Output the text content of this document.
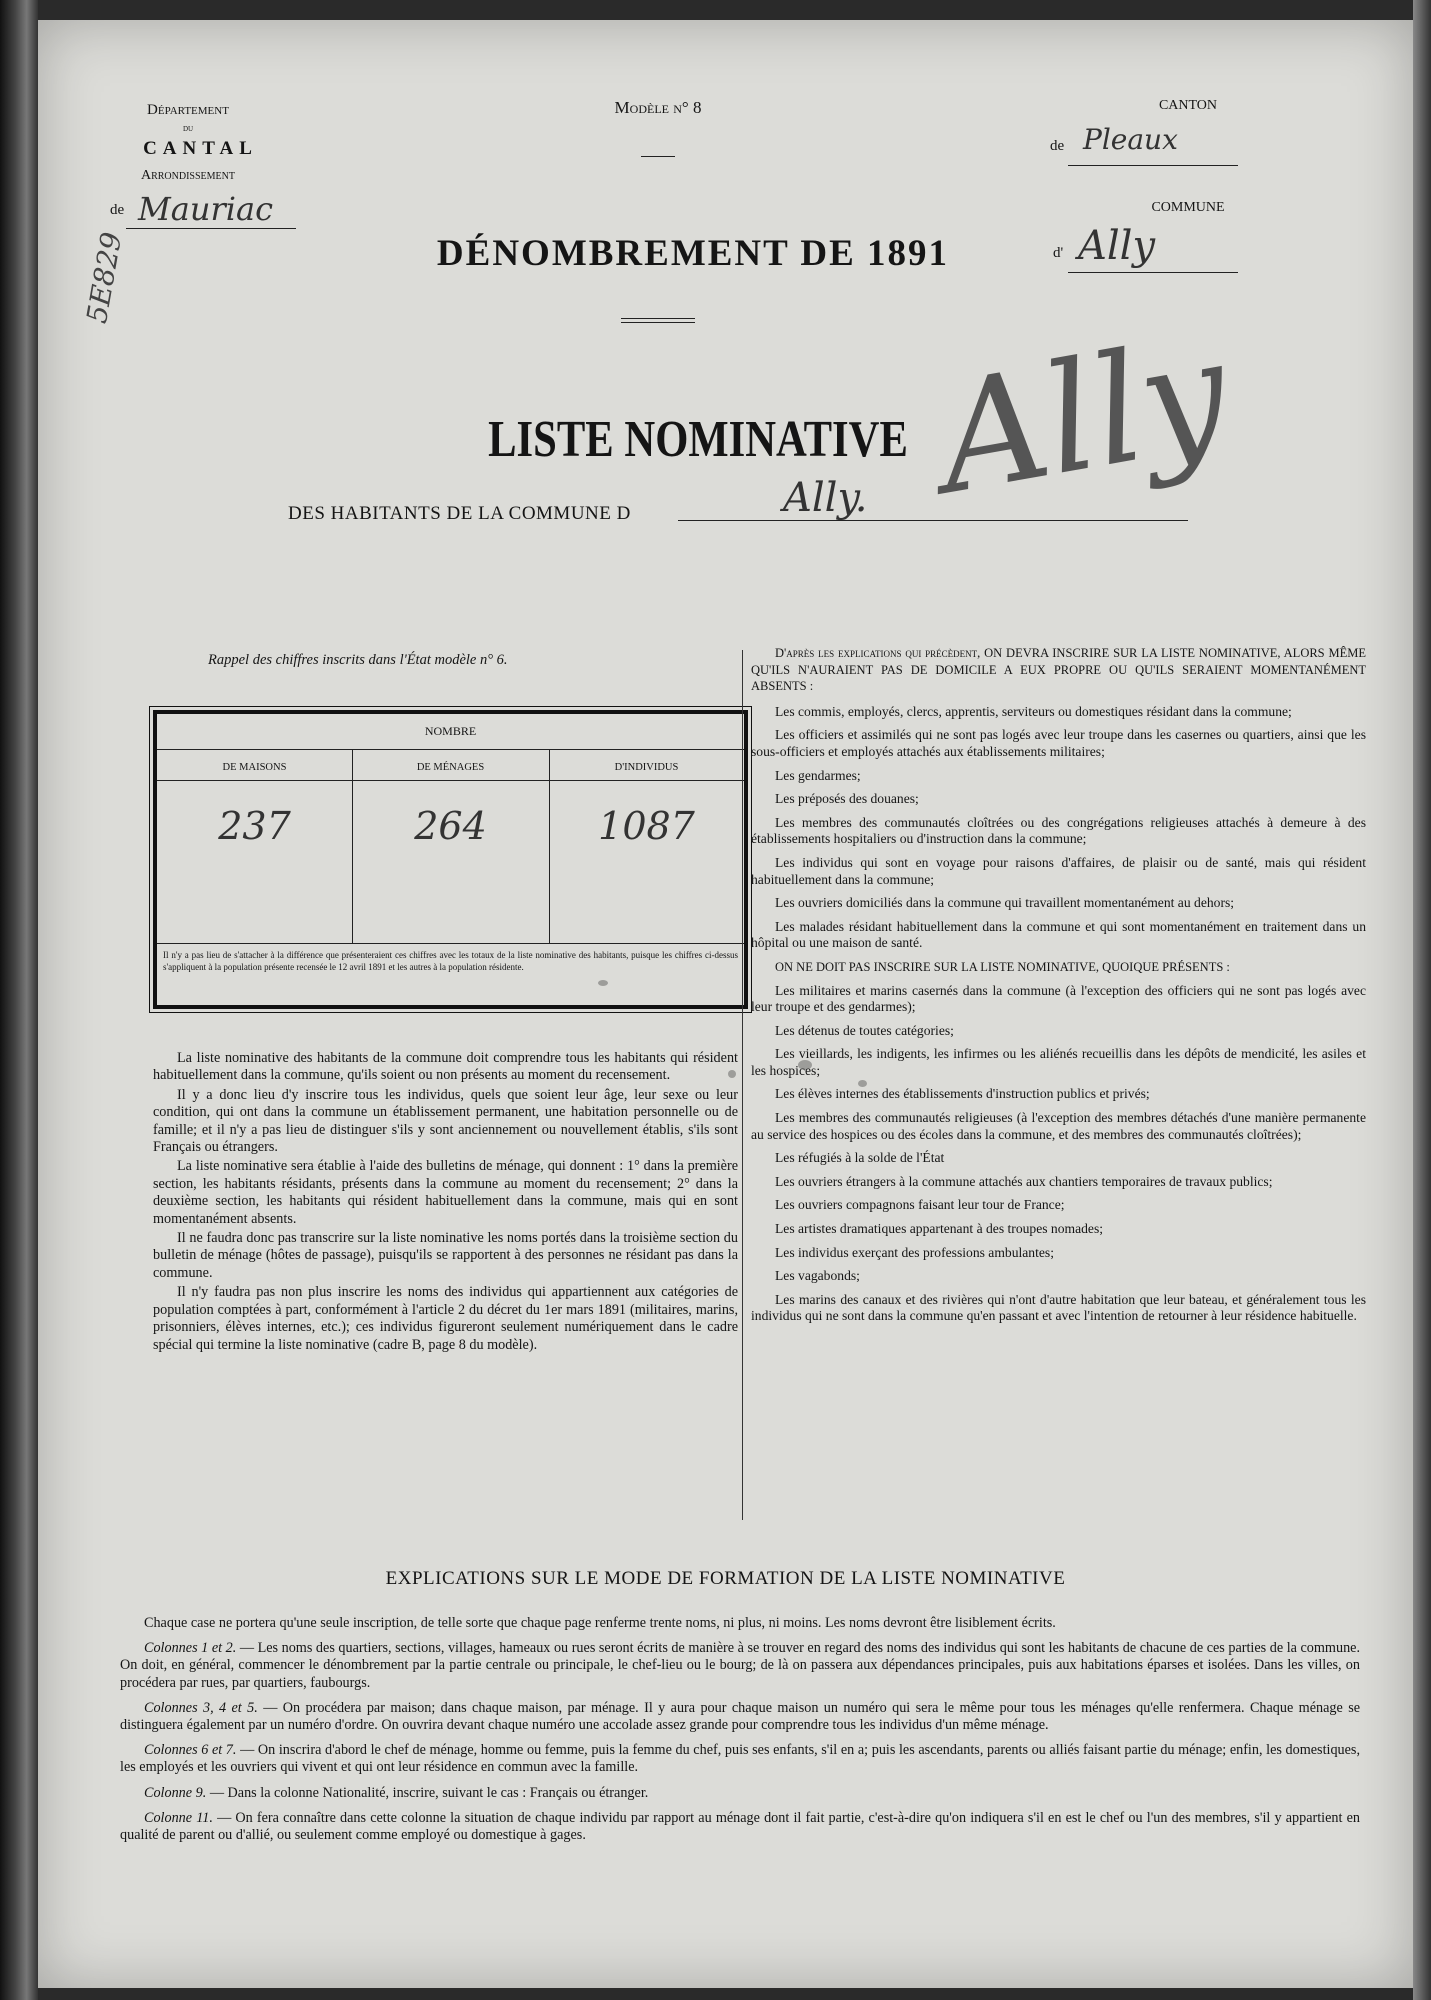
Département
du
CANTAL
Arrondissement
de Mauriac
5E829
Modèle n° 8
DÉNOMBREMENT DE 1891
CANTON
de Pleaux
COMMUNE
d' Ally
LISTE NOMINATIVE
DES HABITANTS DE LA COMMUNE D	Ally. Ally
Rappel des chiffres inscrits dans l'État modèle n° 6.
NOMBRE
DE MAISONS	DE MÉNAGES	D'INDIVIDUS
237	264	1087
Il n'y a pas lieu de s'attacher à la différence que présenteraient ces chiffres avec les totaux de la liste nominative des habitants, puisque les chiffres ci-dessus s'appliquent à la population présente recensée le 12 avril 1891 et les autres à la population résidente.

La liste nominative des habitants de la commune doit comprendre tous les habitants qui résident habituellement dans la commune, qu'ils soient ou non présents au moment du recensement.

Il y a donc lieu d'y inscrire tous les individus, quels que soient leur âge, leur sexe ou leur condition, qui ont dans la commune un établissement permanent, une habitation personnelle ou de famille; et il n'y a pas lieu de distinguer s'ils y sont anciennement ou nouvellement établis, s'ils sont Français ou étrangers.

La liste nominative sera établie à l'aide des bulletins de ménage, qui donnent : 1° dans la première section, les habitants résidants, présents dans la commune au moment du recensement; 2° dans la deuxième section, les habitants qui résident habituellement dans la commune, mais qui en sont momentanément absents.

Il ne faudra donc pas transcrire sur la liste nominative les noms portés dans la troisième section du bulletin de ménage (hôtes de passage), puisqu'ils se rapportent à des personnes ne résidant pas dans la commune.

Il n'y faudra pas non plus inscrire les noms des individus qui appartiennent aux catégories de population comptées à part, conformément à l'article 2 du décret du 1er mars 1891 (militaires, marins, prisonniers, élèves internes, etc.); ces individus figureront seulement numériquement dans le cadre spécial qui termine la liste nominative (cadre B, page 8 du modèle).

D'après les explications qui précèdent, ON DEVRA INSCRIRE SUR LA LISTE NOMINATIVE, ALORS MÊME QU'ILS N'AURAIENT PAS DE DOMICILE A EUX PROPRE OU QU'ILS SERAIENT MOMENTANÉMENT ABSENTS :

Les commis, employés, clercs, apprentis, serviteurs ou domestiques résidant dans la commune;

Les officiers et assimilés qui ne sont pas logés avec leur troupe dans les casernes ou quartiers, ainsi que les sous-officiers et employés attachés aux établissements militaires;

Les gendarmes;

Les préposés des douanes;

Les membres des communautés cloîtrées ou des congrégations religieuses attachés à demeure à des établissements hospitaliers ou d'instruction dans la commune;

Les individus qui sont en voyage pour raisons d'affaires, de plaisir ou de santé, mais qui résident habituellement dans la commune;

Les ouvriers domiciliés dans la commune qui travaillent momentanément au dehors;

Les malades résidant habituellement dans la commune et qui sont momentanément en traitement dans un hôpital ou une maison de santé.

ON NE DOIT PAS INSCRIRE SUR LA LISTE NOMINATIVE, QUOIQUE PRÉSENTS :

Les militaires et marins casernés dans la commune (à l'exception des officiers qui ne sont pas logés avec leur troupe et des gendarmes);

Les détenus de toutes catégories;

Les vieillards, les indigents, les infirmes ou les aliénés recueillis dans les dépôts de mendicité, les asiles et les hospices;

Les élèves internes des établissements d'instruction publics et privés;

Les membres des communautés religieuses (à l'exception des membres détachés d'une manière permanente au service des hospices ou des écoles dans la commune, et des membres des communautés cloîtrées);

Les réfugiés à la solde de l'État

Les ouvriers étrangers à la commune attachés aux chantiers temporaires de travaux publics;

Les ouvriers compagnons faisant leur tour de France;

Les artistes dramatiques appartenant à des troupes nomades;

Les individus exerçant des professions ambulantes;

Les vagabonds;

Les marins des canaux et des rivières qui n'ont d'autre habitation que leur bateau, et généralement tous les individus qui ne sont dans la commune qu'en passant et avec l'intention de retourner à leur résidence habituelle.

EXPLICATIONS SUR LE MODE DE FORMATION DE LA LISTE NOMINATIVE

Chaque case ne portera qu'une seule inscription, de telle sorte que chaque page renferme trente noms, ni plus, ni moins. Les noms devront être lisiblement écrits.

Colonnes 1 et 2. — Les noms des quartiers, sections, villages, hameaux ou rues seront écrits de manière à se trouver en regard des noms des individus qui sont les habitants de chacune de ces parties de la commune. On doit, en général, commencer le dénombrement par la partie centrale ou principale, le chef-lieu ou le bourg; de là on passera aux dépendances principales, puis aux habitations éparses et isolées. Dans les villes, on procédera par rues, par quartiers, faubourgs.

Colonnes 3, 4 et 5. — On procédera par maison; dans chaque maison, par ménage. Il y aura pour chaque maison un numéro qui sera le même pour tous les ménages qu'elle renfermera. Chaque ménage se distinguera également par un numéro d'ordre. On ouvrira devant chaque numéro une accolade assez grande pour comprendre tous les individus d'un même ménage.

Colonnes 6 et 7. — On inscrira d'abord le chef de ménage, homme ou femme, puis la femme du chef, puis ses enfants, s'il en a; puis les ascendants, parents ou alliés faisant partie du ménage; enfin, les domestiques, les employés et les ouvriers qui vivent et qui ont leur résidence en commun avec la famille.

Colonne 9. — Dans la colonne Nationalité, inscrire, suivant le cas : Français ou étranger.

Colonne 11. — On fera connaître dans cette colonne la situation de chaque individu par rapport au ménage dont il fait partie, c'est-à-dire qu'on indiquera s'il en est le chef ou l'un des membres, s'il y appartient en qualité de parent ou d'allié, ou seulement comme employé ou domestique à gages.
